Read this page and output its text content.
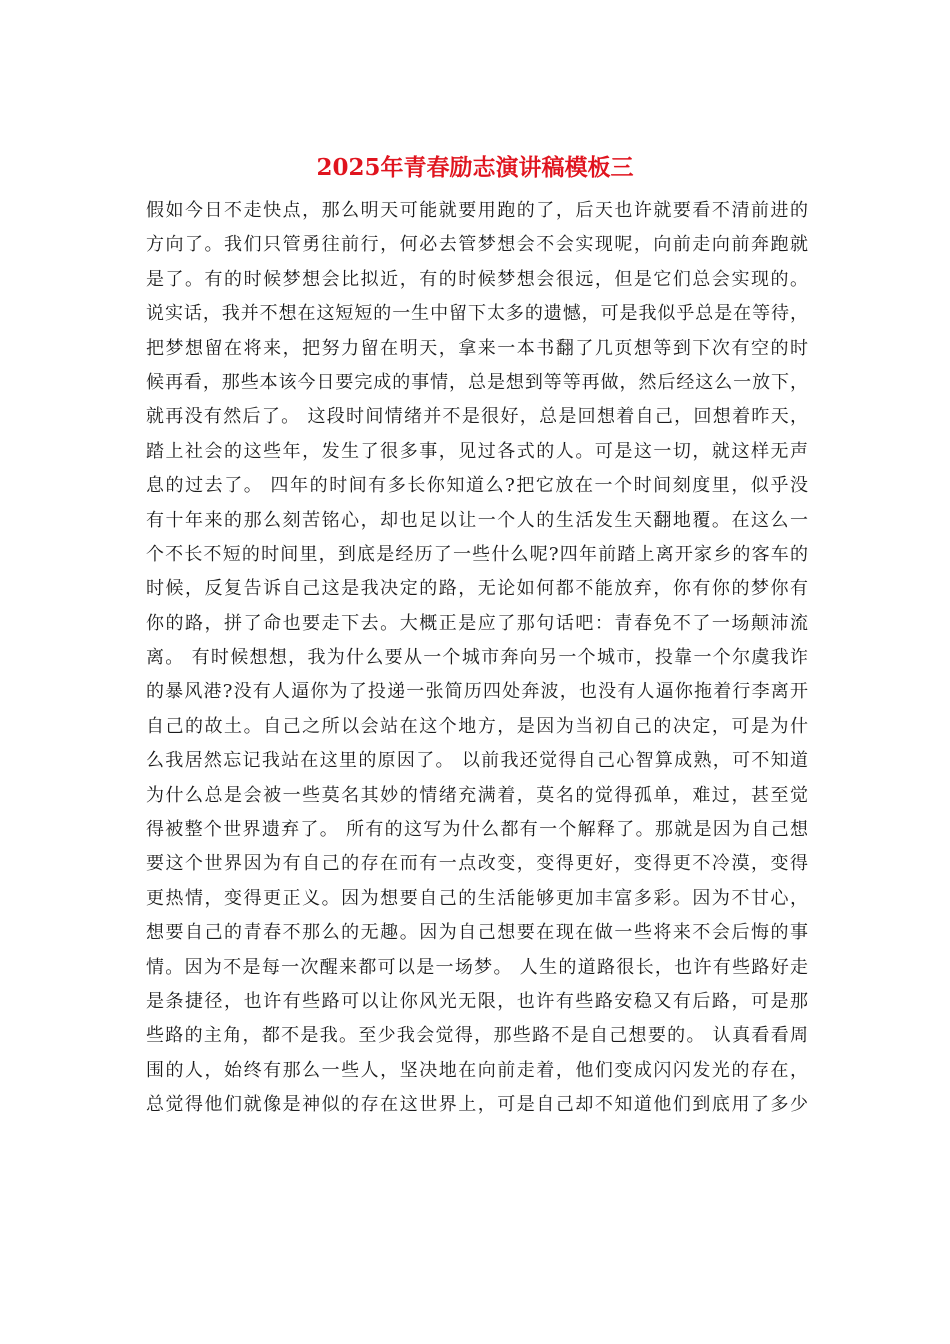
2025年青春励志演讲稿模板三
假如今日不走快点，那么明天可能就要用跑的了，后天也许就要看不清前进的
方向了。我们只管勇往前行，何必去管梦想会不会实现呢，向前走向前奔跑就
是了。有的时候梦想会比拟近，有的时候梦想会很远，但是它们总会实现的。
说实话，我并不想在这短短的一生中留下太多的遗憾，可是我似乎总是在等待，
把梦想留在将来，把努力留在明天，拿来一本书翻了几页想等到下次有空的时
候再看，那些本该今日要完成的事情，总是想到等等再做，然后经这么一放下，
就再没有然后了。 这段时间情绪并不是很好，总是回想着自己，回想着昨天，
踏上社会的这些年，发生了很多事，见过各式的人。可是这一切，就这样无声
息的过去了。 四年的时间有多长你知道么?把它放在一个时间刻度里，似乎没
有十年来的那么刻苦铭心，却也足以让一个人的生活发生天翻地覆。在这么一
个不长不短的时间里，到底是经历了一些什么呢?四年前踏上离开家乡的客车的
时候，反复告诉自己这是我决定的路，无论如何都不能放弃，你有你的梦你有
你的路，拼了命也要走下去。大概正是应了那句话吧：青春免不了一场颠沛流
离。 有时候想想，我为什么要从一个城市奔向另一个城市，投靠一个尔虞我诈
的暴风港?没有人逼你为了投递一张简历四处奔波，也没有人逼你拖着行李离开
自己的故土。自己之所以会站在这个地方，是因为当初自己的决定，可是为什
么我居然忘记我站在这里的原因了。 以前我还觉得自己心智算成熟，可不知道
为什么总是会被一些莫名其妙的情绪充满着，莫名的觉得孤单，难过，甚至觉
得被整个世界遗弃了。 所有的这写为什么都有一个解释了。那就是因为自己想
要这个世界因为有自己的存在而有一点改变，变得更好，变得更不冷漠，变得
更热情，变得更正义。因为想要自己的生活能够更加丰富多彩。因为不甘心，
想要自己的青春不那么的无趣。因为自己想要在现在做一些将来不会后悔的事
情。因为不是每一次醒来都可以是一场梦。 人生的道路很长，也许有些路好走
是条捷径，也许有些路可以让你风光无限，也许有些路安稳又有后路，可是那
些路的主角，都不是我。至少我会觉得，那些路不是自己想要的。 认真看看周
围的人，始终有那么一些人，坚决地在向前走着，他们变成闪闪发光的存在，
总觉得他们就像是神似的存在这世界上，可是自己却不知道他们到底用了多少
